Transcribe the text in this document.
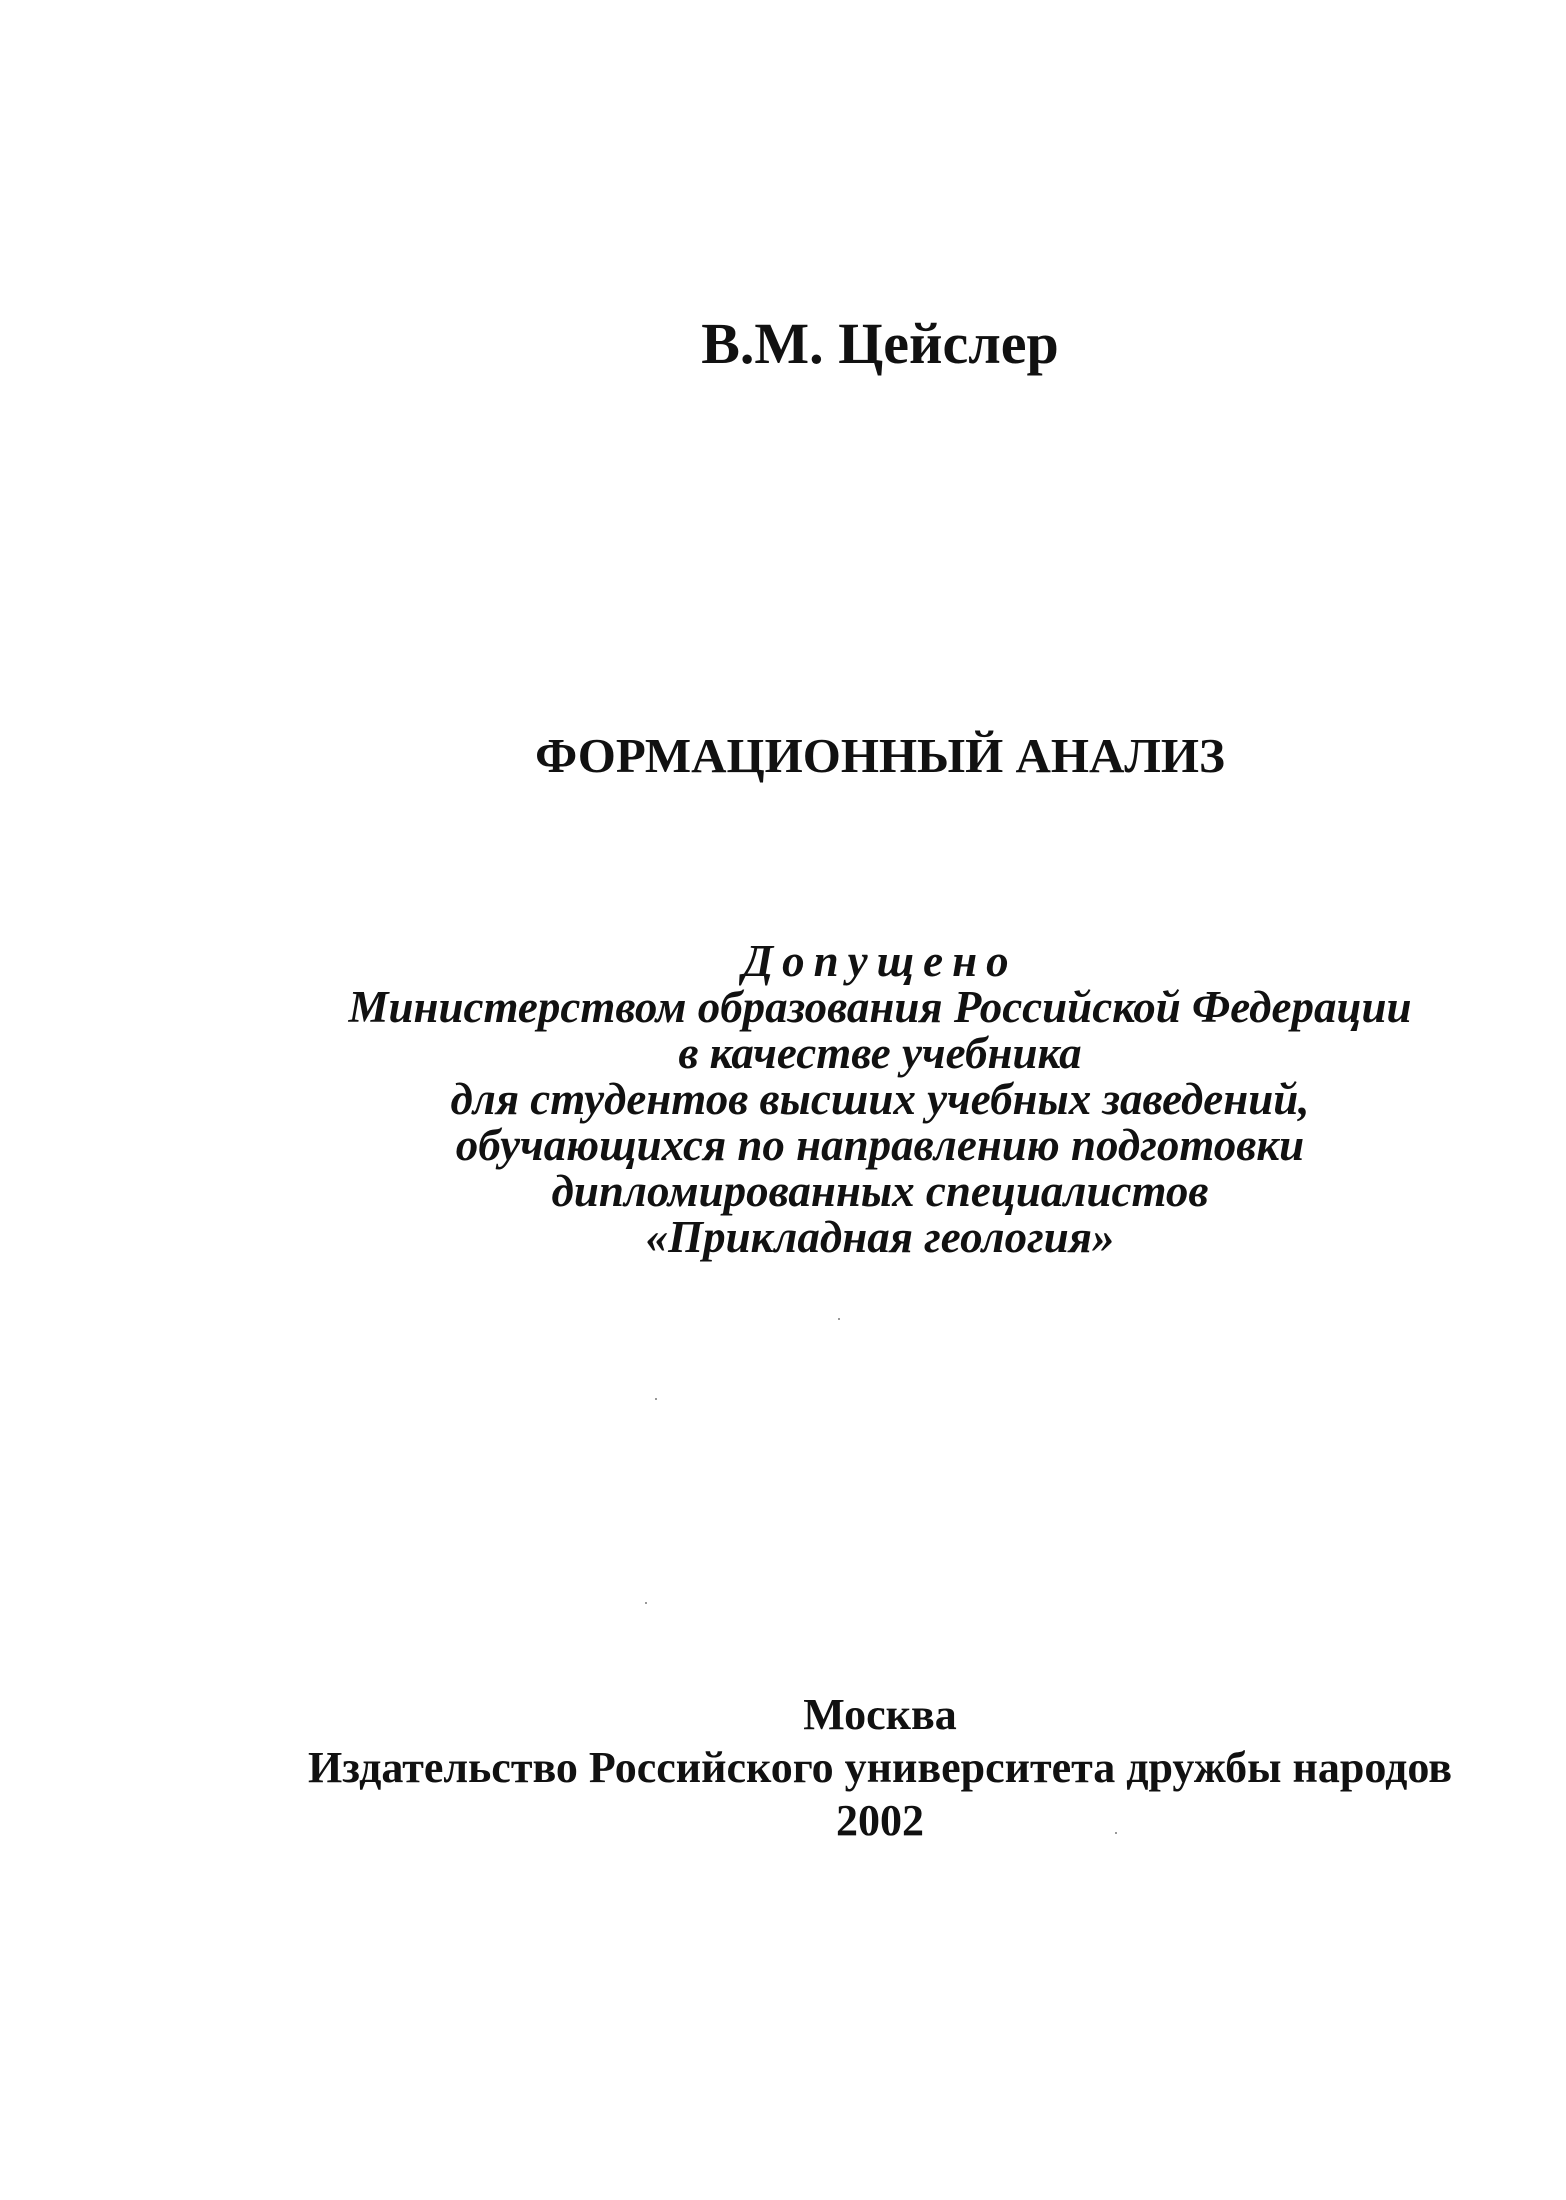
В.М. Цейслер
ФОРМАЦИОННЫЙ АНАЛИЗ
Допущено
Министерством образования Российской Федерации
в качестве учебника
для студентов высших учебных заведений,
обучающихся по направлению подготовки
дипломированных специалистов
«Прикладная геология»
Москва
Издательство Российского университета дружбы народов
2002
